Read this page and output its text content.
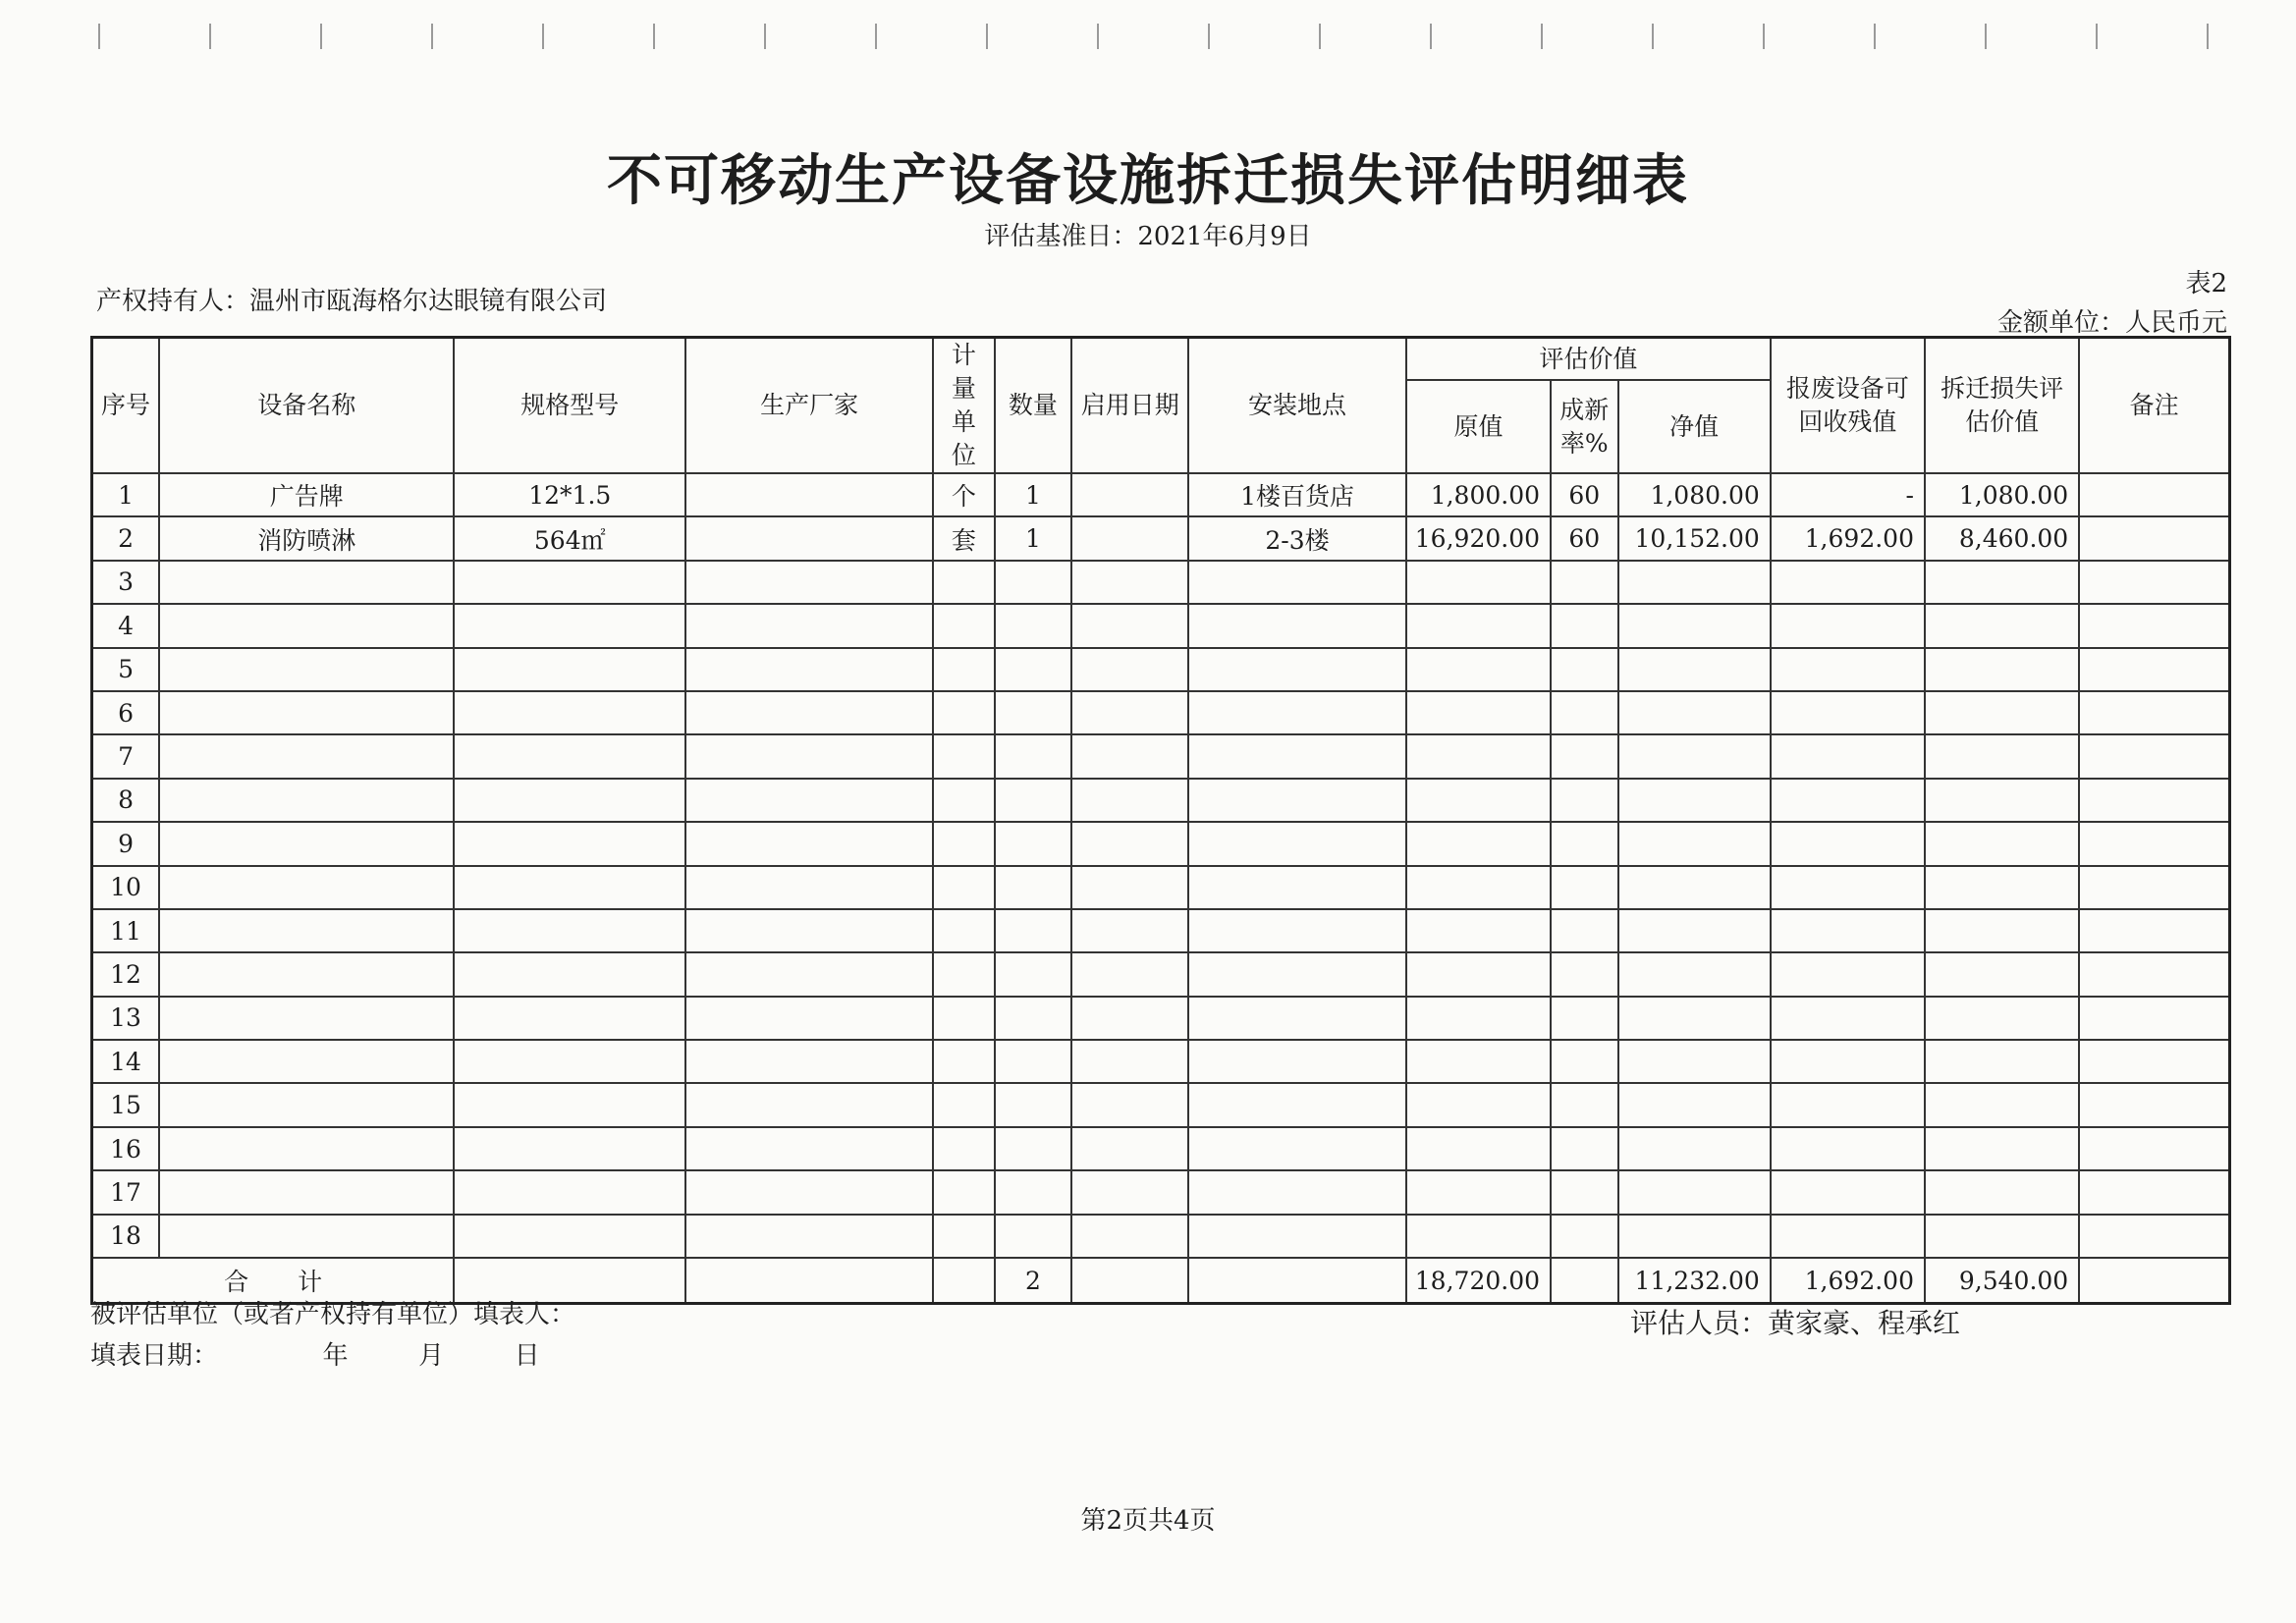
不可移动生产设备设施拆迁损失评估明细表
评估基准日：2021年6月9日
产权持有人：温州市瓯海格尔达眼镜有限公司
表2
金额单位：人民币元
序号	设备名称	规格型号	生产厂家	计量单位	数量	启用日期	安装地点	评估价值			报废设备可回收残值	拆迁损失评估价值	备注
								原值	成新率%	净值			
1	广告牌	12*1.5		个	1		1楼百货店	1,800.00	60	1,080.00	-	1,080.00	
2	消防喷淋	564㎡		套	1		2-3楼	16,920.00	60	10,152.00	1,692.00	8,460.00	
3													
4													
5													
6													
7													
8													
9													
10													
11													
12													
13													
14													
15													
16													
17													
18													
合　　计					2			18,720.00		11,232.00	1,692.00	9,540.00	
被评估单位（或者产权持有单位）填表人：
填表日期：	年	月	日
评估人员：黄家豪、程承红
第2页共4页
